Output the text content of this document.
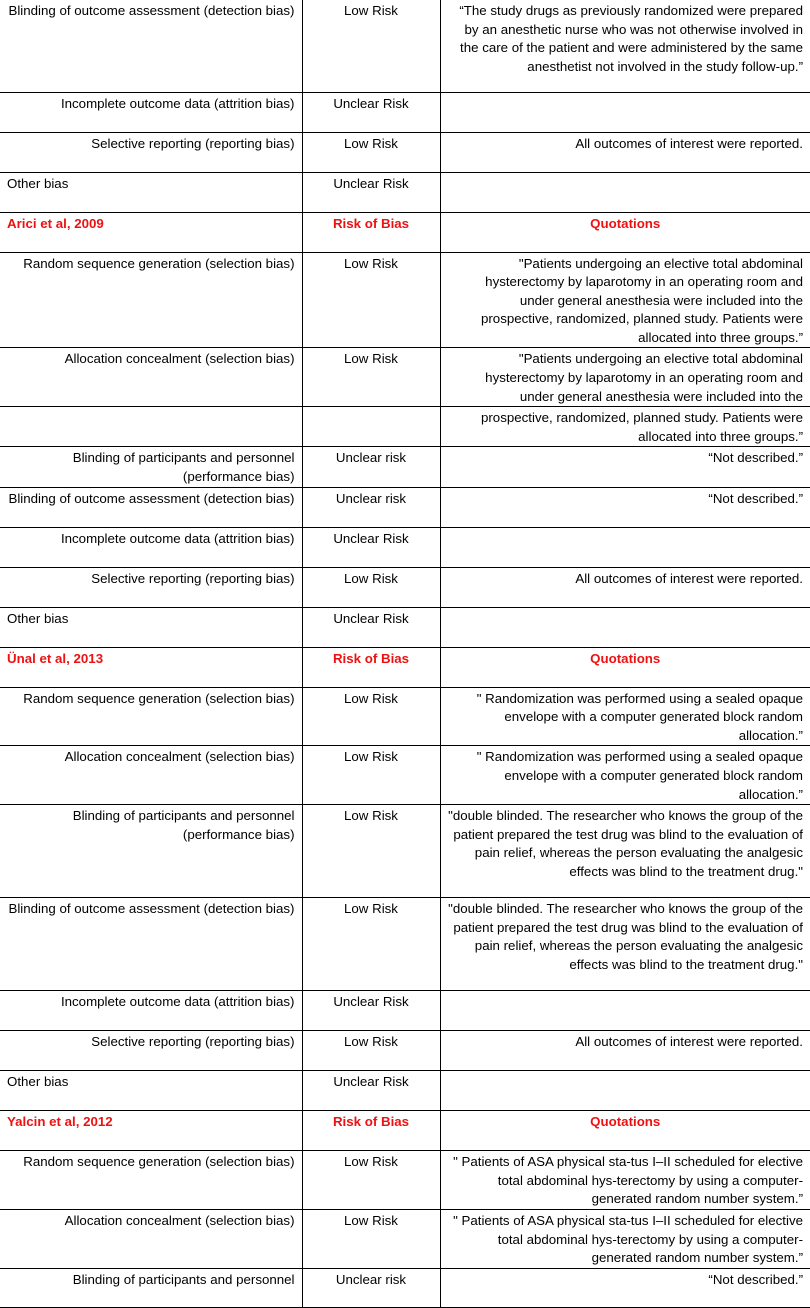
Blinding of outcome assessment (detection bias)	Low Risk	“The study drugs as previously randomized were prepared by an anesthetic nurse who was not otherwise involved in the care of the patient and were administered by the same anesthetist not involved in the study follow-up.”
Incomplete outcome data (attrition bias)	Unclear Risk	
Selective reporting (reporting bias)	Low Risk	All outcomes of interest were reported.
Other bias	Unclear Risk	
Arici et al, 2009	Risk of Bias	Quotations
Random sequence generation (selection bias)	Low Risk	"Patients undergoing an elective total abdominal hysterectomy by laparotomy in an operating room and under general anesthesia were included into the prospective, randomized, planned study. Patients were allocated into three groups.”
Allocation concealment (selection bias)	Low Risk	"Patients undergoing an elective total abdominal hysterectomy by laparotomy in an operating room and under general anesthesia were included into the
		prospective, randomized, planned study. Patients were allocated into three groups.”
Blinding of participants and personnel (performance bias)	Unclear risk	“Not described.”
Blinding of outcome assessment (detection bias)	Unclear risk	“Not described.”
Incomplete outcome data (attrition bias)	Unclear Risk	
Selective reporting (reporting bias)	Low Risk	All outcomes of interest were reported.
Other bias	Unclear Risk	
Ünal et al, 2013	Risk of Bias	Quotations
Random sequence generation (selection bias)	Low Risk	" Randomization was performed using a sealed opaque envelope with a computer generated block random allocation.”
Allocation concealment (selection bias)	Low Risk	" Randomization was performed using a sealed opaque envelope with a computer generated block random allocation.”
Blinding of participants and personnel (performance bias)	Low Risk	"double blinded. The researcher who knows the group of the patient prepared the test drug was blind to the evaluation of pain relief, whereas the person evaluating the analgesic effects was blind to the treatment drug."
Blinding of outcome assessment (detection bias)	Low Risk	"double blinded. The researcher who knows the group of the patient prepared the test drug was blind to the evaluation of pain relief, whereas the person evaluating the analgesic effects was blind to the treatment drug."
Incomplete outcome data (attrition bias)	Unclear Risk	
Selective reporting (reporting bias)	Low Risk	All outcomes of interest were reported.
Other bias	Unclear Risk	
Yalcin et al, 2012	Risk of Bias	Quotations
Random sequence generation (selection bias)	Low Risk	" Patients of ASA physical sta-tus I–II scheduled for elective total abdominal hys-terectomy by using a computer-generated random number system.”
Allocation concealment (selection bias)	Low Risk	" Patients of ASA physical sta-tus I–II scheduled for elective total abdominal hys-terectomy by using a computer-generated random number system.”
Blinding of participants and personnel	Unclear risk	“Not described.”
